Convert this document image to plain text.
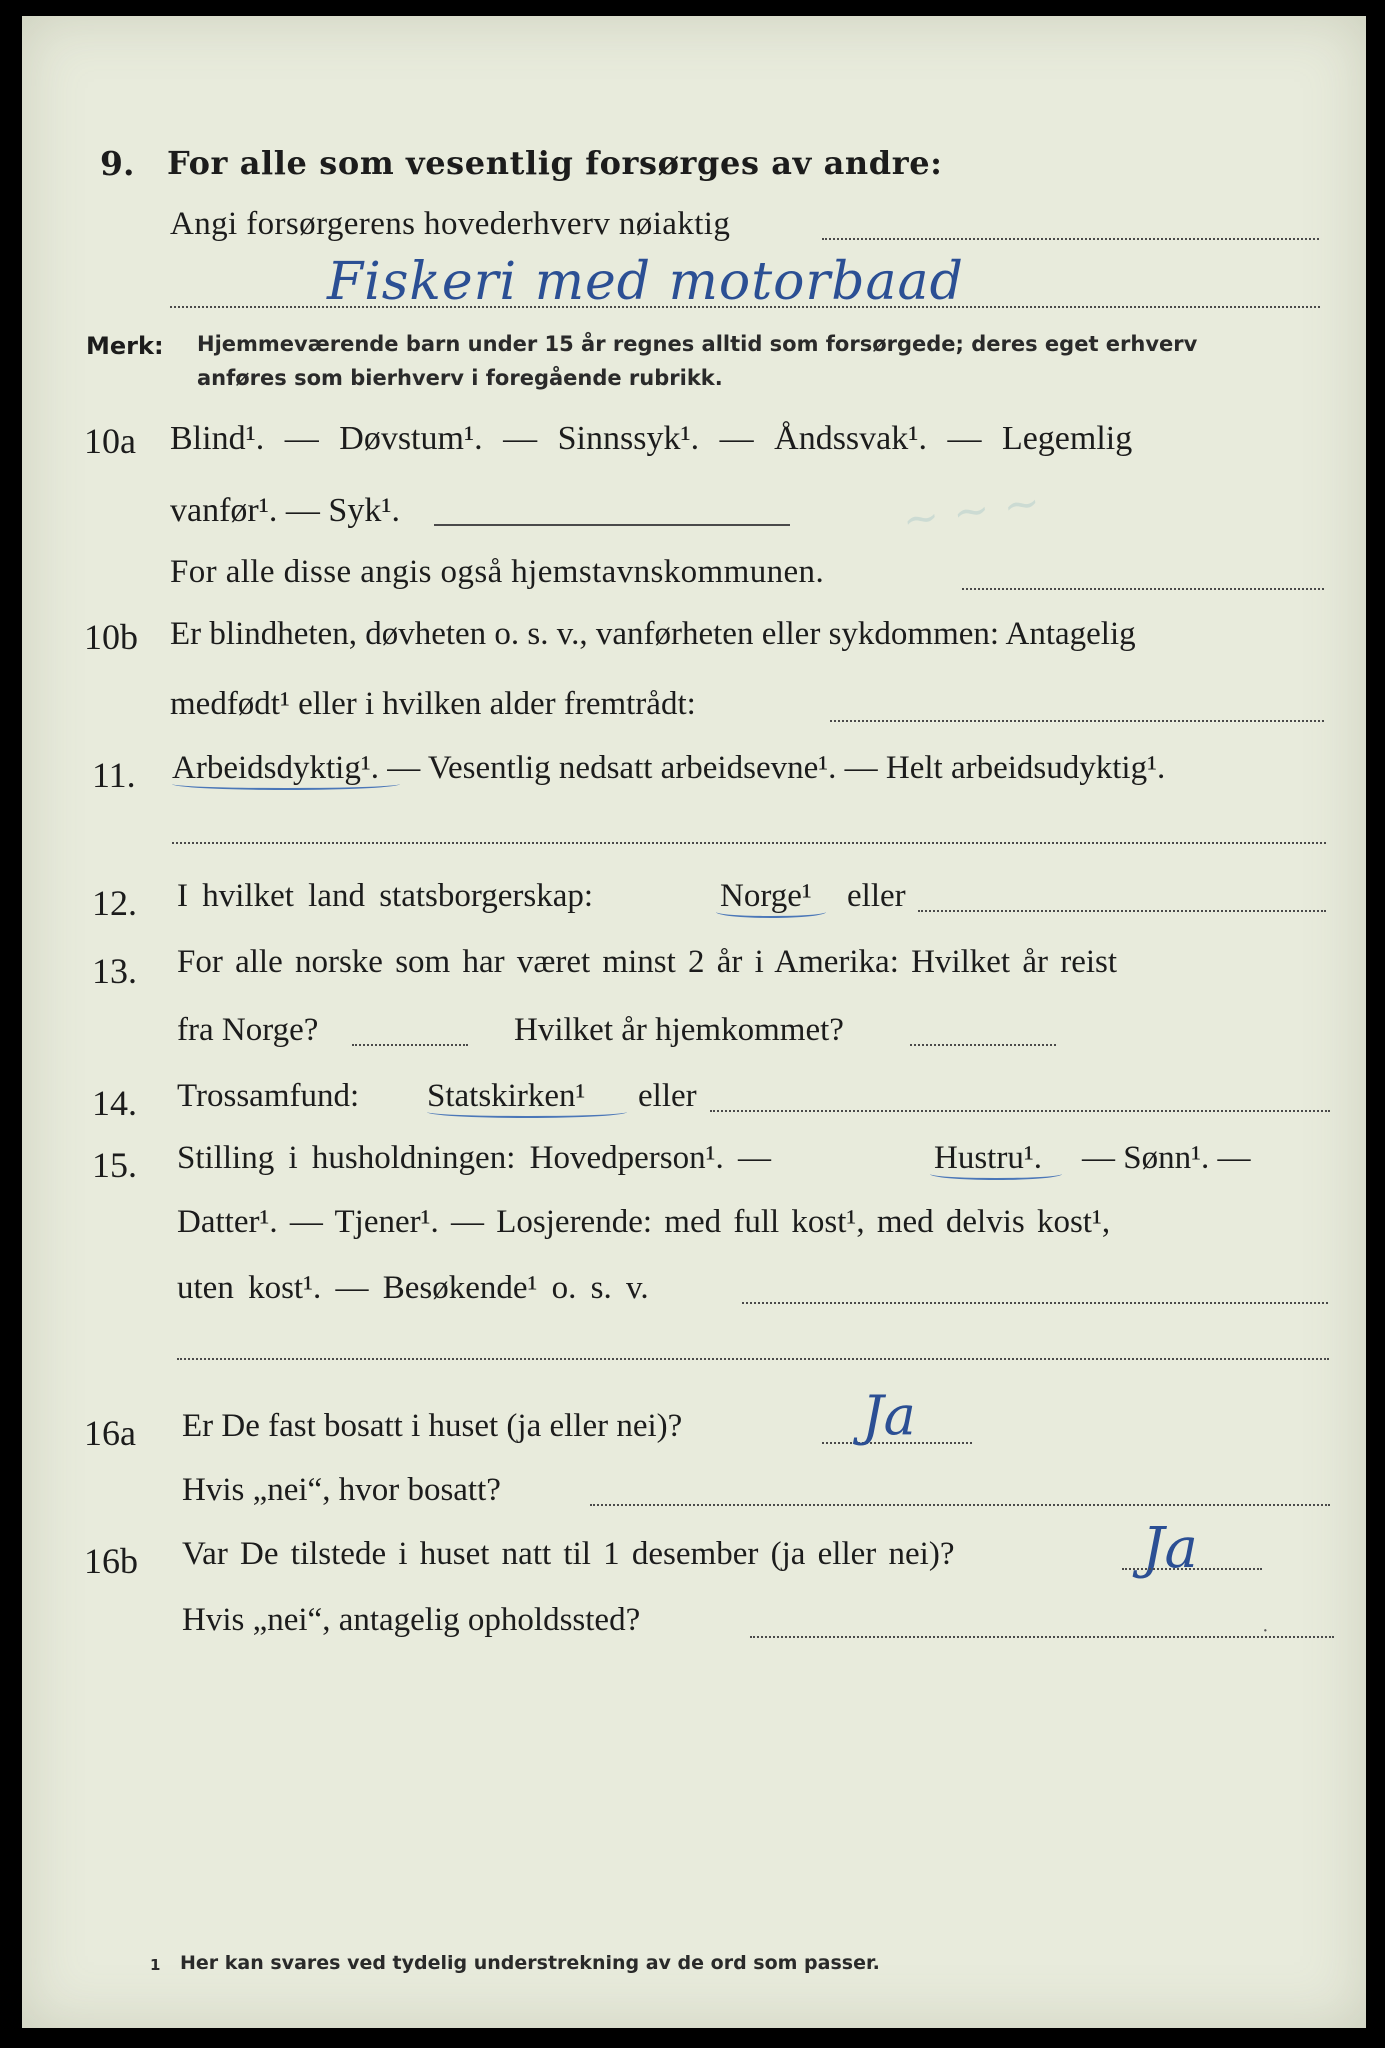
~ ~ ~
9. For alle som vesentlig forsørges av andre:
Angi forsørgerens hovederhverv nøiaktig
Fiskeri med motorbaad
Merk: Hjemmeværende barn under 15 år regnes alltid som forsørgede; deres eget erhverv
anføres som bierhverv i foregående rubrikk.
10a Blind¹. — Døvstum¹. — Sinnssyk¹. — Åndssvak¹. — Legemlig
vanfør¹. — Syk¹.
For alle disse angis også hjemstavnskommunen.
10b Er blindheten, døvheten o. s. v., vanførheten eller sykdommen: Antagelig
medfødt¹ eller i hvilken alder fremtrådt:
11. Arbeidsdyktig¹. — Vesentlig nedsatt arbeidsevne¹. — Helt arbeidsudyktig¹.
12. I hvilket land statsborgerskap:	Norge¹ eller
13. For alle norske som har været minst 2 år i Amerika: Hvilket år reist
fra Norge?	Hvilket år hjemkommet?
14. Trossamfund: Statskirken¹ eller
15. Stilling i husholdningen: Hovedperson¹. —	Hustru¹. — Sønn¹. —
Datter¹. — Tjener¹. — Losjerende: med full kost¹, med delvis kost¹,
uten kost¹. — Besøkende¹ o. s. v.
16a Er De fast bosatt i huset (ja eller nei)?	Ja
Hvis „nei“, hvor bosatt?
16b Var De tilstede i huset natt til 1 desember (ja eller nei)?	Ja
Hvis „nei“, antagelig opholdssted?	·
1 Her kan svares ved tydelig understrekning av de ord som passer.
